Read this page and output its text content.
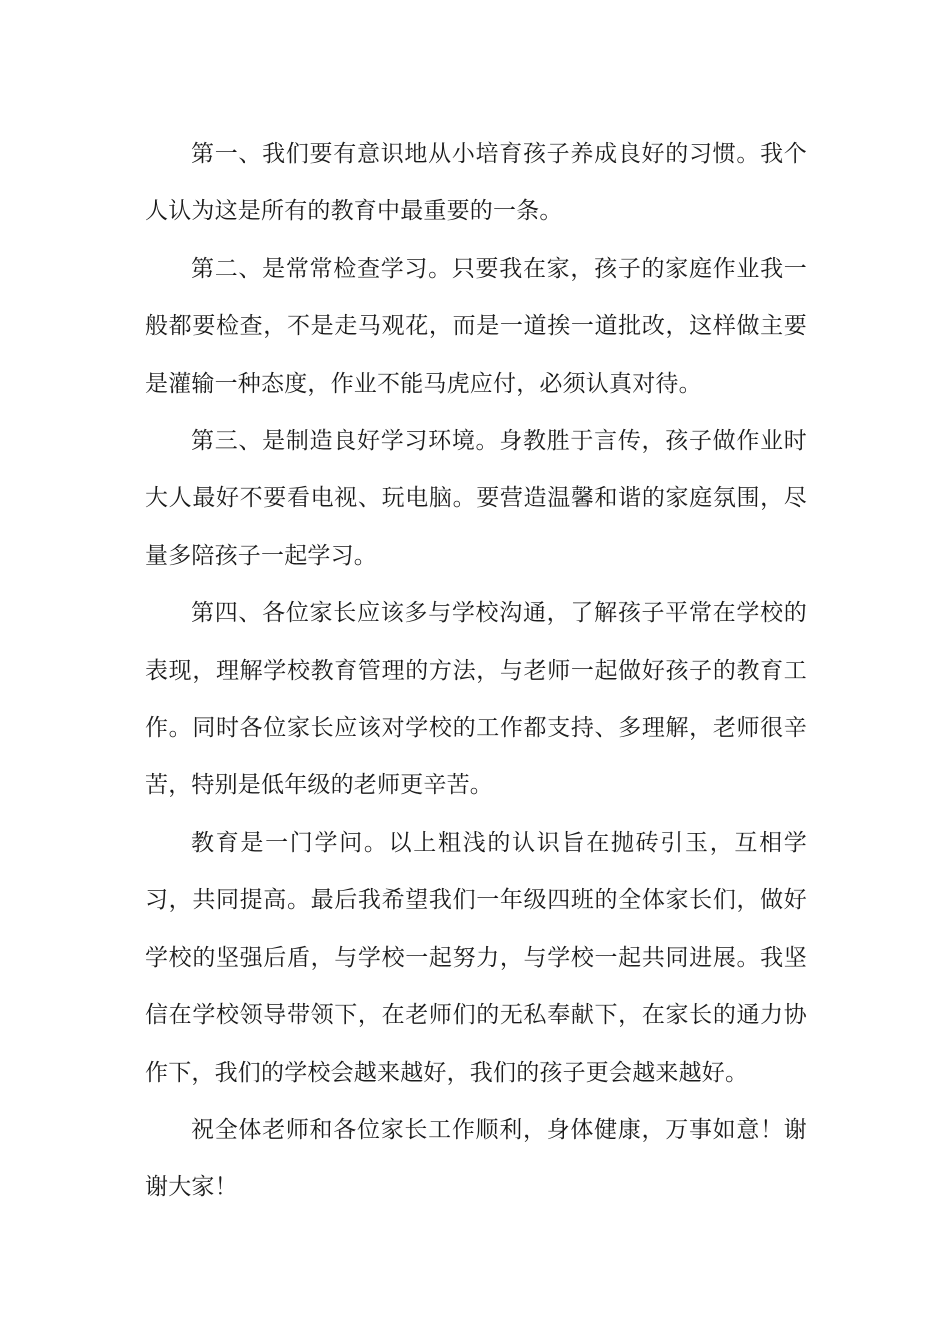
第一、我们要有意识地从小培育孩子养成良好的习惯。我个人认为这是所有的教育中最重要的一条。

第二、是常常检查学习。只要我在家，孩子的家庭作业我一般都要检查，不是走马观花，而是一道挨一道批改，这样做主要是灌输一种态度，作业不能马虎应付，必须认真对待。

第三、是制造良好学习环境。身教胜于言传，孩子做作业时大人最好不要看电视、玩电脑。要营造温馨和谐的家庭氛围，尽量多陪孩子一起学习。

第四、各位家长应该多与学校沟通，了解孩子平常在学校的表现，理解学校教育管理的方法，与老师一起做好孩子的教育工作。同时各位家长应该对学校的工作都支持、多理解，老师很辛苦，特别是低年级的老师更辛苦。

教育是一门学问。以上粗浅的认识旨在抛砖引玉，互相学习，共同提高。最后我希望我们一年级四班的全体家长们，做好学校的坚强后盾，与学校一起努力，与学校一起共同进展。我坚信在学校领导带领下，在老师们的无私奉献下，在家长的通力协作下，我们的学校会越来越好，我们的孩子更会越来越好。

祝全体老师和各位家长工作顺利，身体健康，万事如意！谢谢大家！
